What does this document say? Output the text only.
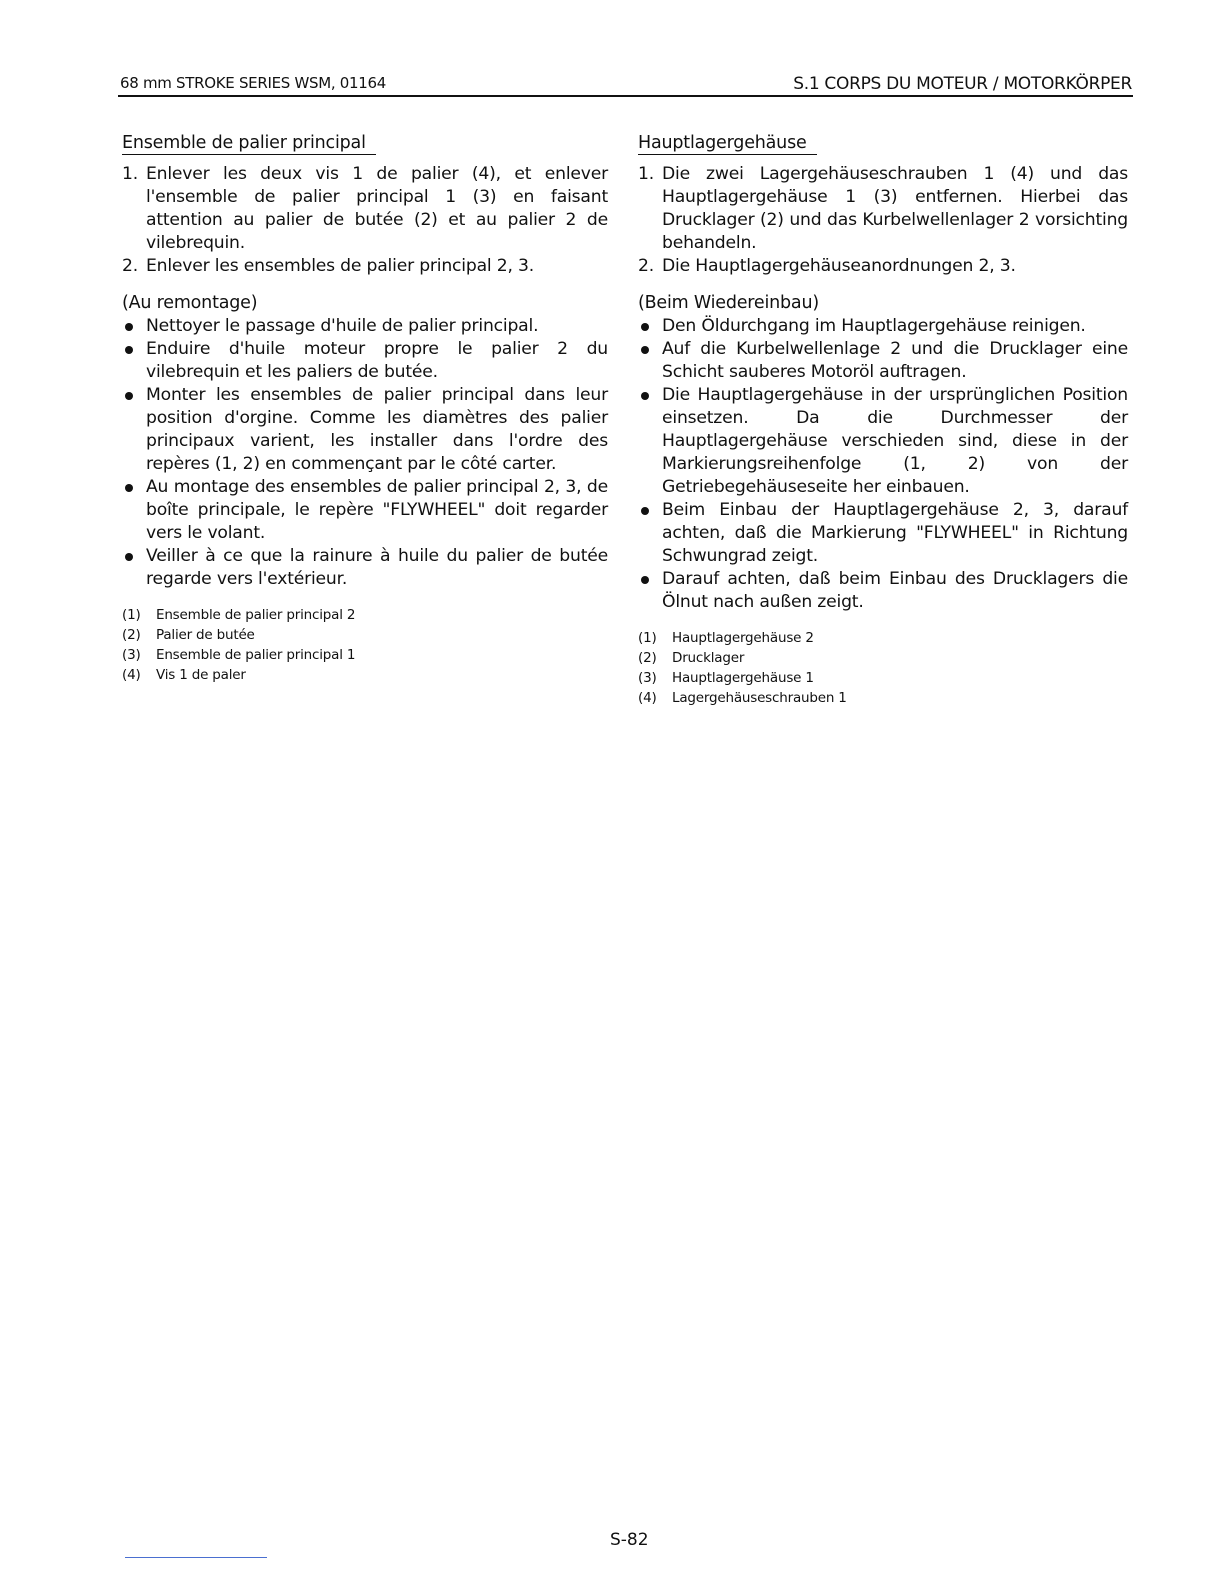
68 mm STROKE SERIES WSM, 01164	S.1 CORPS DU MOTEUR / MOTORKÖRPER
Ensemble de palier principal
1. Enlever les deux vis 1 de palier (4), et enlever l'ensemble de palier principal 1 (3) en faisant attention au palier de butée (2) et au palier 2 de vilebrequin.
2. Enlever les ensembles de palier principal 2, 3.
(Au remontage)
Nettoyer le passage d'huile de palier principal.
Enduire d'huile moteur propre le palier 2 du vilebrequin et les paliers de butée.
Monter les ensembles de palier principal dans leur position d'orgine. Comme les diamètres des palier principaux varient, les installer dans l'ordre des repères (1, 2) en commençant par le côté carter.
Au montage des ensembles de palier principal 2, 3, de boîte principale, le repère "FLYWHEEL" doit regarder vers le volant.
Veiller à ce que la rainure à huile du palier de butée regarde vers l'extérieur.
(1)	Ensemble de palier principal 2
(2)	Palier de butée
(3)	Ensemble de palier principal 1
(4)	Vis 1 de paler
Hauptlagergehäuse
1. Die zwei Lagergehäuseschrauben 1 (4) und das Hauptlagergehäuse 1 (3) entfernen. Hierbei das Drucklager (2) und das Kurbelwellenlager 2 vorsichting behandeln.
2. Die Hauptlagergehäuseanordnungen 2, 3.
(Beim Wiedereinbau)
Den Öldurchgang im Hauptlagergehäuse reinigen.
Auf die Kurbelwellenlage 2 und die Drucklager eine Schicht sauberes Motoröl auftragen.
Die Hauptlagergehäuse in der ursprünglichen Position einsetzen. Da die Durchmesser der Hauptlagergehäuse verschieden sind, diese in der Markierungsreihenfolge (1, 2) von der Getriebegehäuseseite her einbauen.
Beim Einbau der Hauptlagergehäuse 2, 3, darauf achten, daß die Markierung "FLYWHEEL" in Richtung Schwungrad zeigt.
Darauf achten, daß beim Einbau des Drucklagers die Ölnut nach außen zeigt.
(1)	Hauptlagergehäuse 2
(2)	Drucklager
(3)	Hauptlagergehäuse 1
(4)	Lagergehäuseschrauben 1
S-82
